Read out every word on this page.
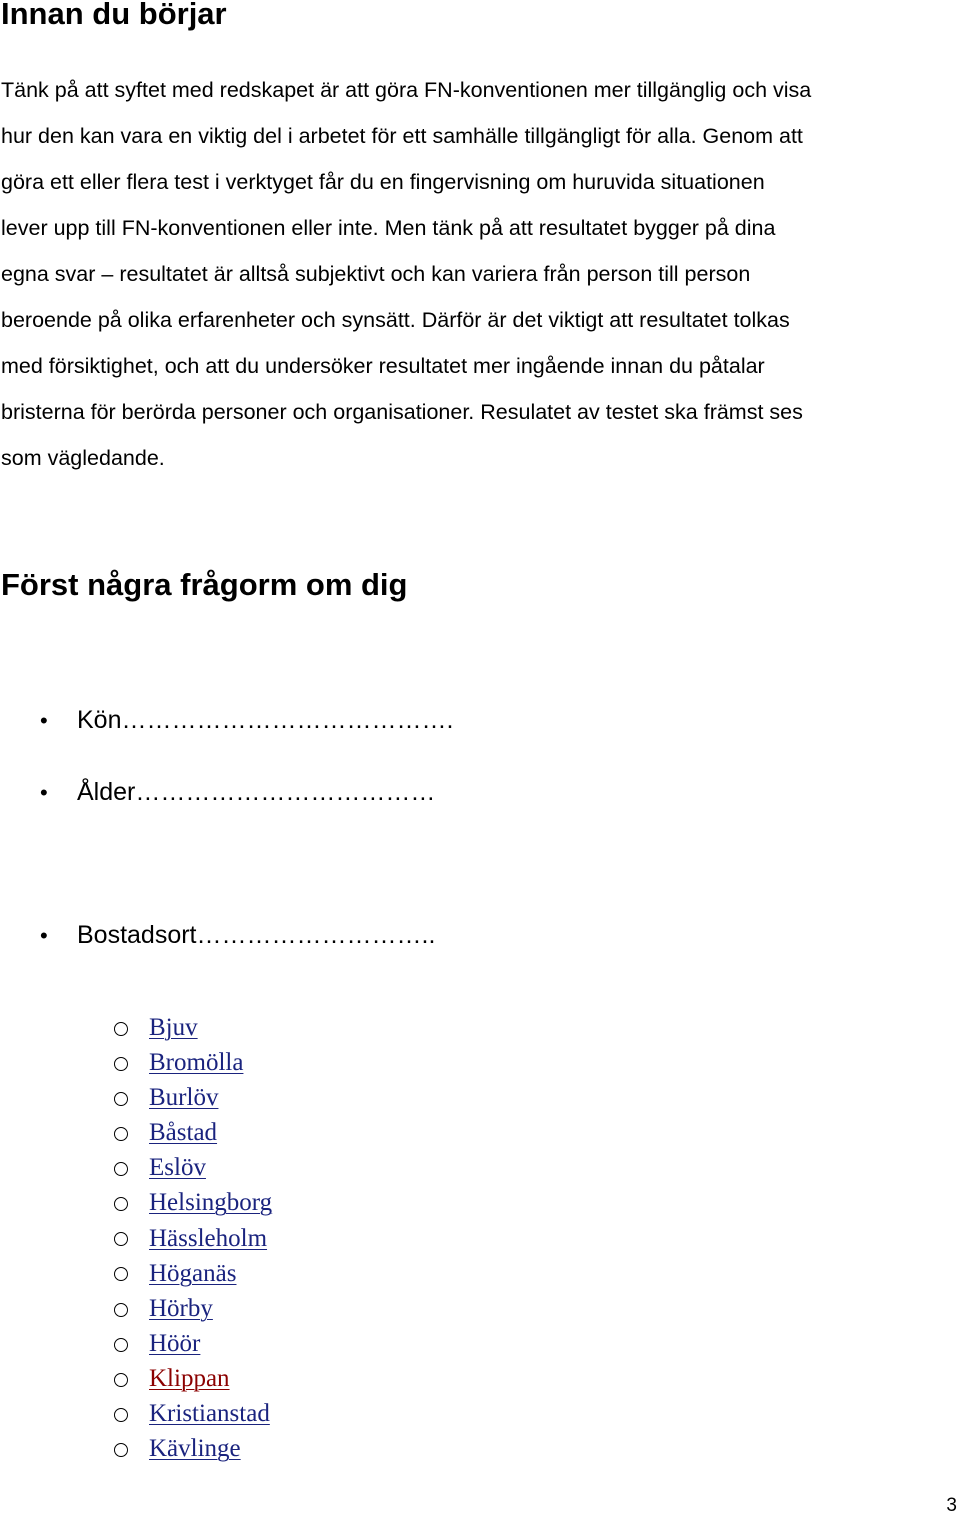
Innan du börjar

Tänk på att syftet med redskapet är att göra FN-konventionen mer tillgänglig och visa
hur den kan vara en viktig del i arbetet för ett samhälle tillgängligt för alla. Genom att
göra ett eller flera test i verktyget får du en fingervisning om huruvida situationen
lever upp till FN-konventionen eller inte. Men tänk på att resultatet bygger på dina
egna svar – resultatet är alltså subjektivt och kan variera från person till person
beroende på olika erfarenheter och synsätt. Därför är det viktigt att resultatet tolkas
med försiktighet, och att du undersöker resultatet mer ingående innan du påtalar
bristerna för berörda personer och organisationer. Resulatet av testet ska främst ses
som vägledande.

Först några frågorm om dig
• Kön………………………………….
• Ålder………………………………
• Bostadsort………………………..
Bjuv
Bromölla
Burlöv
Båstad
Eslöv
Helsingborg
Hässleholm
Höganäs
Hörby
Höör
Klippan
Kristianstad
Kävlinge
3
